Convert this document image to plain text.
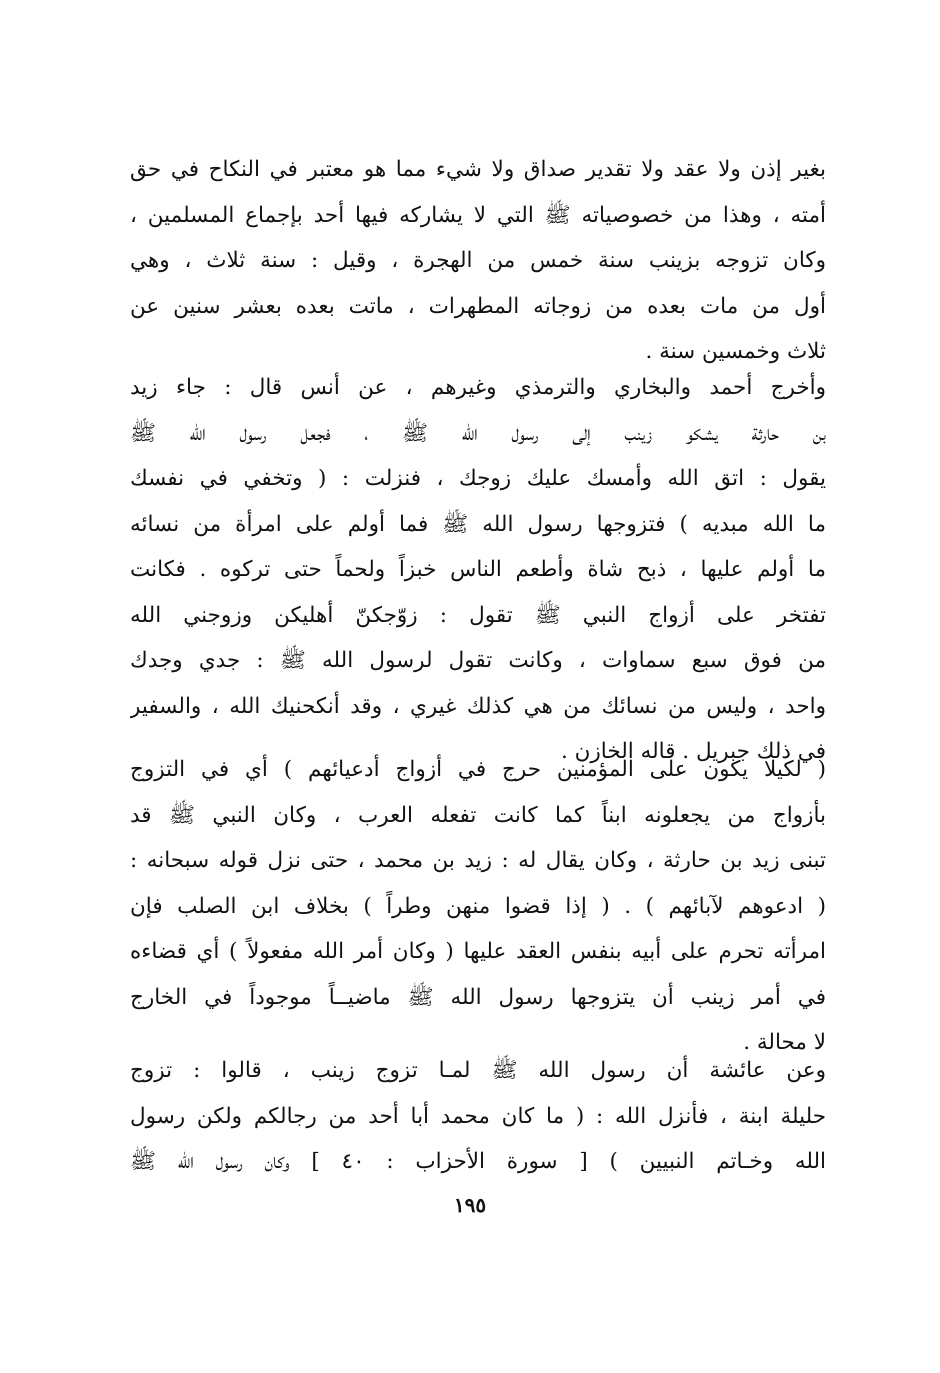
بغير إذن ولا عقد ولا تقدير صداق ولا شيء مما هو معتبر في النكاح في حق
أمته ، وهذا من خصوصياته ﷺ التي لا يشاركه فيها أحد بإجماع المسلمين ،
وكان تزوجه بزينب سنة خمس من الهجرة ، وقيل : سنة ثلاث ، وهي
أول من مات بعده من زوجاته المطهرات ، ماتت بعده بعشر سنين عن
ثلاث وخمسين سنة .
وأخرج أحمد والبخاري والترمذي وغيرهم ، عن أنس قال : جاء زيد
بن حارثة يشكو زينب إلى رسول الله ﷺ ، فجعل رسول الله ﷺ
يقول : اتق الله وأمسك عليك زوجك ، فنزلت : ( وتخفي في نفسك
ما الله مبديه ) فتزوجها رسول الله ﷺ فما أولم على امرأة من نسائه
ما أولم عليها ، ذبح شاة وأطعم الناس خبزاً ولحماً حتى تركوه . فكانت
تفتخر على أزواج النبي ﷺ تقول : زوّجكنّ أهليكن وزوجني الله
من فوق سبع سماوات ، وكانت تقول لرسول الله ﷺ : جدي وجدك
واحد ، وليس من نسائك من هي كذلك غيري ، وقد أنكحنيك الله ، والسفير
في ذلك جبريل . قاله الخازن .
( لكيلا يكون على المؤمنين حرج في أزواج أدعيائهم ) أي في التزوج
بأزواج من يجعلونه ابناً كما كانت تفعله العرب ، وكان النبي ﷺ قد
تبنى زيد بن حارثة ، وكان يقال له : زيد بن محمد ، حتى نزل قوله سبحانه :
( ادعوهم لآبائهم ) . ( إذا قضوا منهن وطراً ) بخلاف ابن الصلب فإن
امرأته تحرم على أبيه بنفس العقد عليها ( وكان أمر الله مفعولاً ) أي قضاءه
في أمر زينب أن يتزوجها رسول الله ﷺ ماضيــاً موجوداً في الخارج
لا محالة .
وعن عائشة أن رسول الله ﷺ لمـا تزوج زينب ، قالوا : تزوج
حليلة ابنة ، فأنزل الله : ( ما كان محمد أبا أحد من رجالكم ولكن رسول
الله وخـاتم النبيين ) [ سورة الأحزاب : ٤٠ ] وكان رسول الله ﷺ
١٩٥
